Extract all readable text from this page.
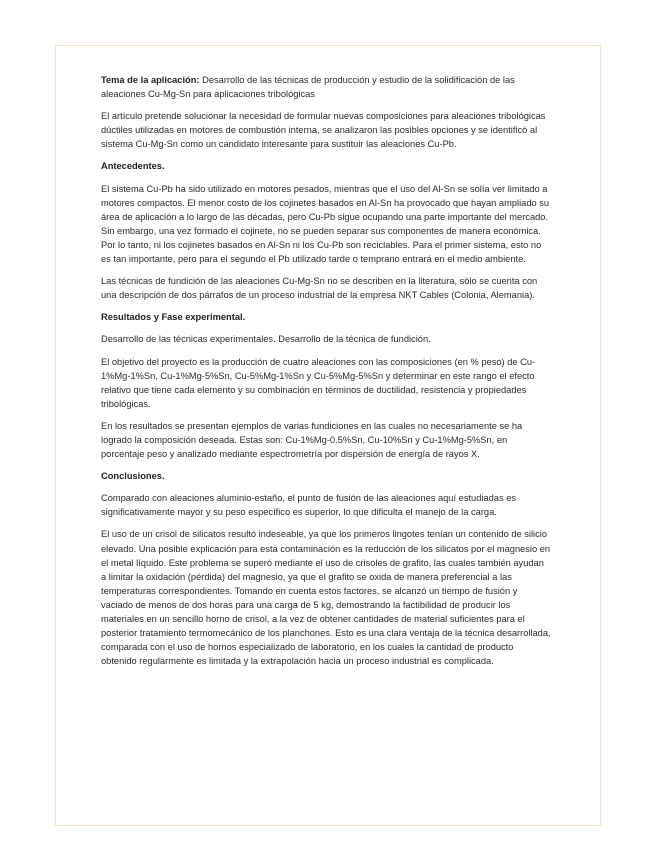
Tema de la aplicación: Desarrollo de las técnicas de producción y estudio de la solidificación de las aleaciones Cu-Mg-Sn para aplicaciones tribológicas

El artículo pretende solucionar la necesidad de formular nuevas composiciones para aleaciones tribológicas dúctiles utilizadas en motores de combustión interna, se analizaron las posibles opciones y se identificó al sistema Cu-Mg-Sn como un candidato interesante para sustituir las aleaciones Cu-Pb.

Antecedentes.

El sistema Cu-Pb ha sido utilizado en motores pesados, mientras que el uso del Al-Sn se solía ver limitado a motores compactos. El menor costo de los cojinetes basados en Al-Sn ha provocado que hayan ampliado su área de aplicación a lo largo de las décadas, pero Cu-Pb sigue ocupando una parte importante del mercado. Sin embargo, una vez formado el cojinete, no se pueden separar sus componentes de manera económica. Por lo tanto, ni los cojinetes basados en Al-Sn ni los Cu-Pb son reciclables. Para el primer sistema, esto no es tan importante, pero para el segundo el Pb utilizado tarde o temprano entrará en el medio ambiente.

Las técnicas de fundición de las aleaciones Cu-Mg-Sn no se describen en la literatura, sólo se cuenta con una descripción de dos párrafos de un proceso industrial de la empresa NKT Cables (Colonia, Alemania).

Resultados y Fase experimental.

Desarrollo de las técnicas experimentales. Desarrollo de la técnica de fundición.

El objetivo del proyecto es la producción de cuatro aleaciones con las composiciones (en % peso) de Cu-1%Mg-1%Sn, Cu-1%Mg-5%Sn, Cu-5%Mg-1%Sn y Cu-5%Mg-5%Sn y determinar en este rango el efecto relativo que tiene cada elemento y su combinación en términos de ductilidad, resistencia y propiedades tribológicas.

En los resultados se presentan ejemplos de varias fundiciones en las cuales no necesariamente se ha logrado la composición deseada. Estas son: Cu-1%Mg-0.5%Sn, Cu-10%Sn y Cu-1%Mg-5%Sn, en porcentaje peso y analizado mediante espectrometría por dispersión de energía de rayos X.

Conclusiones.

Comparado con aleaciones aluminio-estaño, el punto de fusión de las aleaciones aquí estudiadas es significativamente mayor y su peso específico es superior, lo que dificulta el manejo de la carga.

El uso de un crisol de silicatos resultó indeseable, ya que los primeros lingotes tenían un contenido de silicio elevado. Una posible explicación para esta contaminación es la reducción de los silicatos por el magnesio en el metal líquido. Este problema se superó mediante el uso de crisoles de grafito, las cuales también ayudan a limitar la oxidación (pérdida) del magnesio, ya que el grafito se oxida de manera preferencial a las temperaturas correspondientes. Tomando en cuenta estos factores, se alcanzó un tiempo de fusión y vaciado de menos de dos horas para una carga de 5 kg, demostrando la factibilidad de producir los materiales en un sencillo horno de crisol, a la vez de obtener cantidades de material suficientes para el posterior tratamiento termomecánico de los planchones. Esto es una clara ventaja de la técnica desarrollada, comparada con el uso de hornos especializado de laboratorio, en los cuales la cantidad de producto obtenido regularmente es limitada y la extrapolación hacia un proceso industrial es complicada.
